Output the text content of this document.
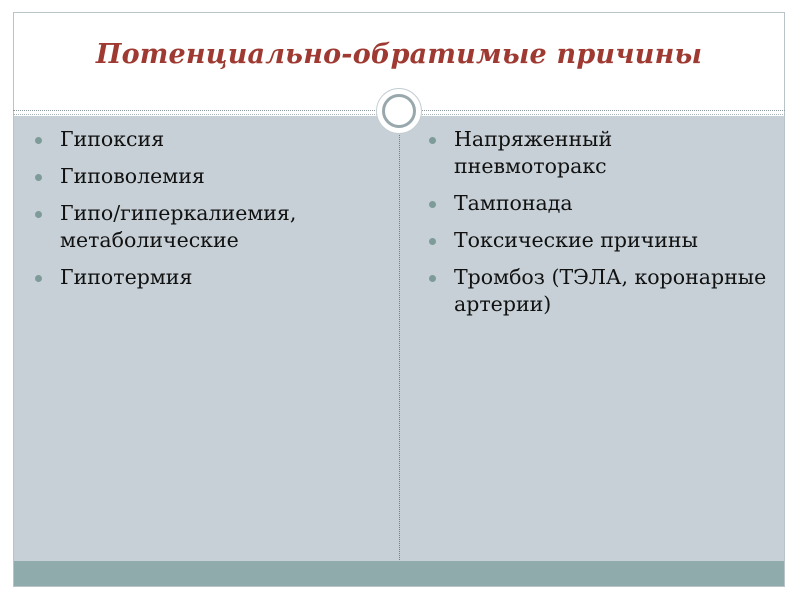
Потенциально-обратимые причины
Гипоксия
Гиповолемия
Гипо/гиперкалиемия, метаболические
Гипотермия
Напряженный пневмоторакс
Тампонада
Токсические причины
Тромбоз (ТЭЛА, коронарные артерии)
